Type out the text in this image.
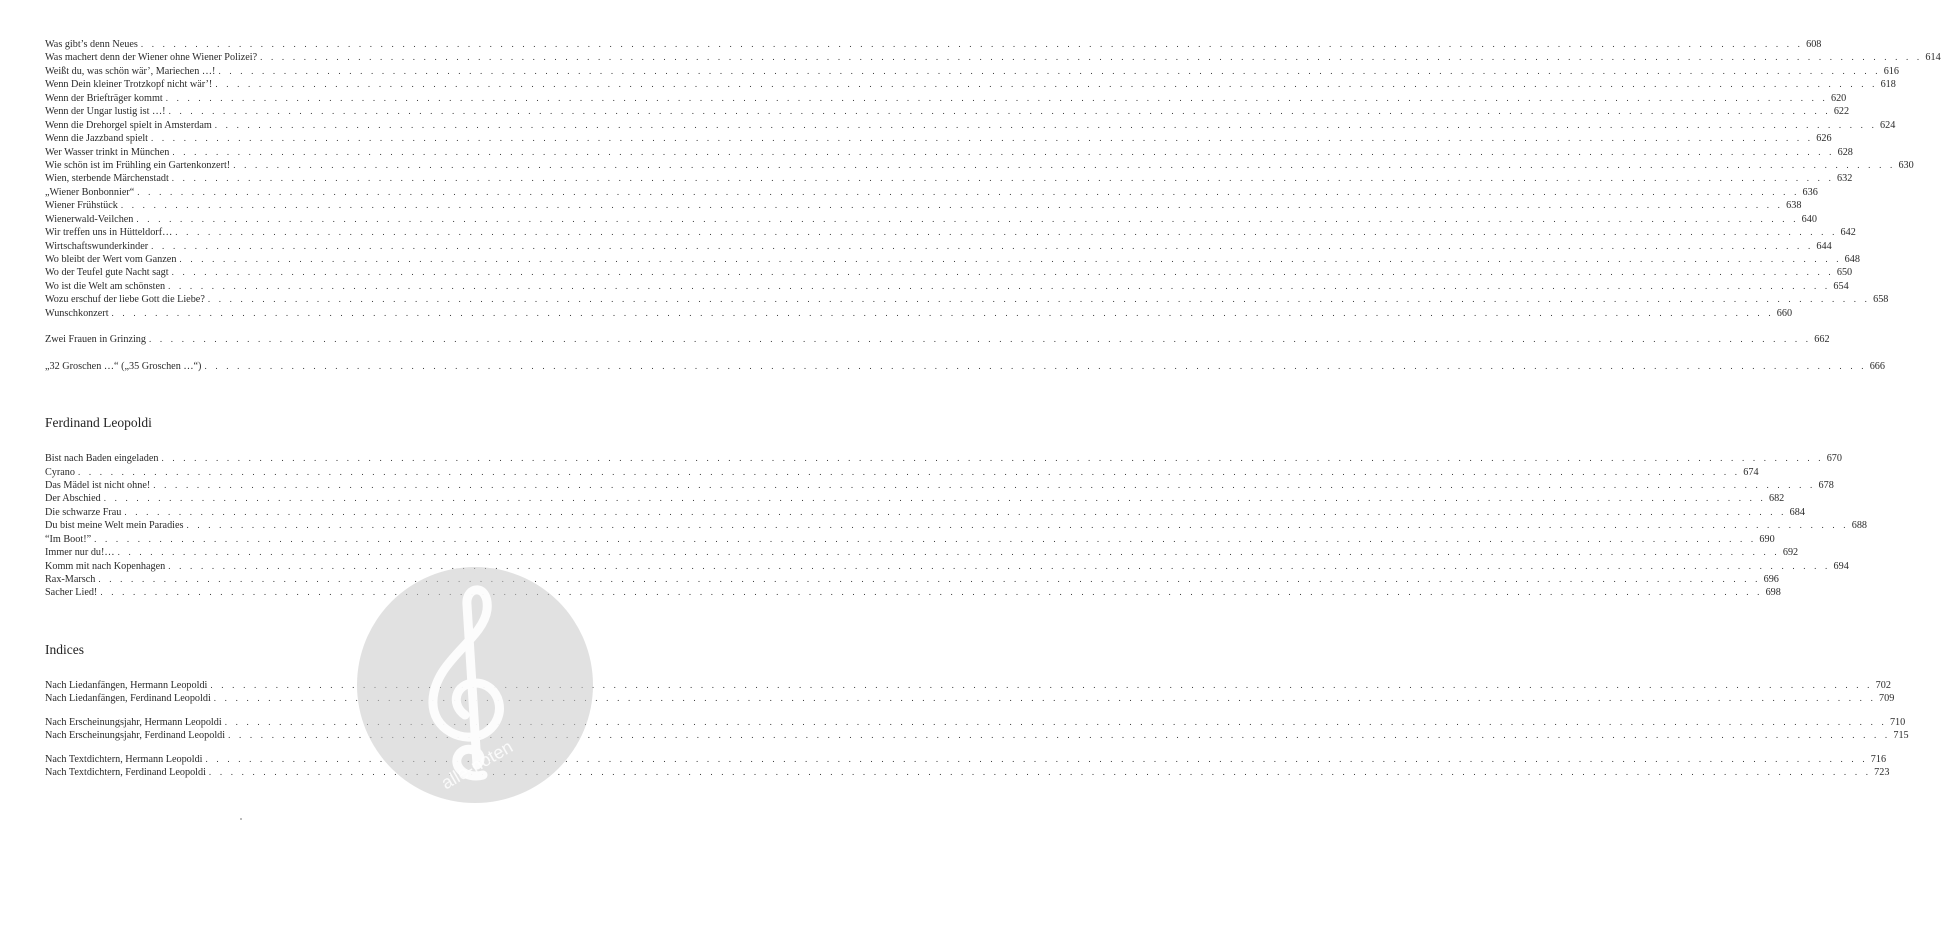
Was gibt’s denn Neues . . .	608
Was machert denn der Wiener ohne Wiener Polizei? . . .	614
Weißt du, was schön wär’, Mariechen …! . . .	616
Wenn Dein kleiner Trotzkopf nicht wär’! . . .	618
Wenn der Briefträger kommt . . .	620
Wenn der Ungar lustig ist …! . . .	622
Wenn die Drehorgel spielt in Amsterdam . . .	624
Wenn die Jazzband spielt . . .	626
Wer Wasser trinkt in München . . .	628
Wie schön ist im Frühling ein Gartenkonzert! . . .	630
Wien, sterbende Märchenstadt . . .	632
„Wiener Bonbonnier“ . . .	636
Wiener Frühstück . . .	638
Wienerwald-Veilchen . . .	640
Wir treffen uns in Hütteldorf… . . .	642
Wirtschaftswunderkinder . . .	644
Wo bleibt der Wert vom Ganzen . . .	648
Wo der Teufel gute Nacht sagt . . .	650
Wo ist die Welt am schönsten . . .	654
Wozu erschuf der liebe Gott die Liebe? . . .	658
Wunschkonzert . . .	660
Zwei Frauen in Grinzing . . .	662
„32 Groschen …“ („35 Groschen …“) . . .	666
Ferdinand Leopoldi
Bist nach Baden eingeladen . . .	670
Cyrano . . .	674
Das Mädel ist nicht ohne! . . .	678
Der Abschied . . .	682
Die schwarze Frau . . .	684
Du bist meine Welt mein Paradies . . .	688
“Im Boot!” . . .	690
Immer nur du!… . . .	692
Komm mit nach Kopenhagen . . .	694
Rax-Marsch . . .	696
Sacher Lied! . . .	698
Indices
Nach Liedanfängen, Hermann Leopoldi . . .	702
Nach Liedanfängen, Ferdinand Leopoldi . . .	709
Nach Erscheinungsjahr, Hermann Leopoldi . . .	710
Nach Erscheinungsjahr, Ferdinand Leopoldi . . .	715
Nach Textdichtern, Hermann Leopoldi . . .	716
Nach Textdichtern, Ferdinand Leopoldi . . .	723
alle-noten
